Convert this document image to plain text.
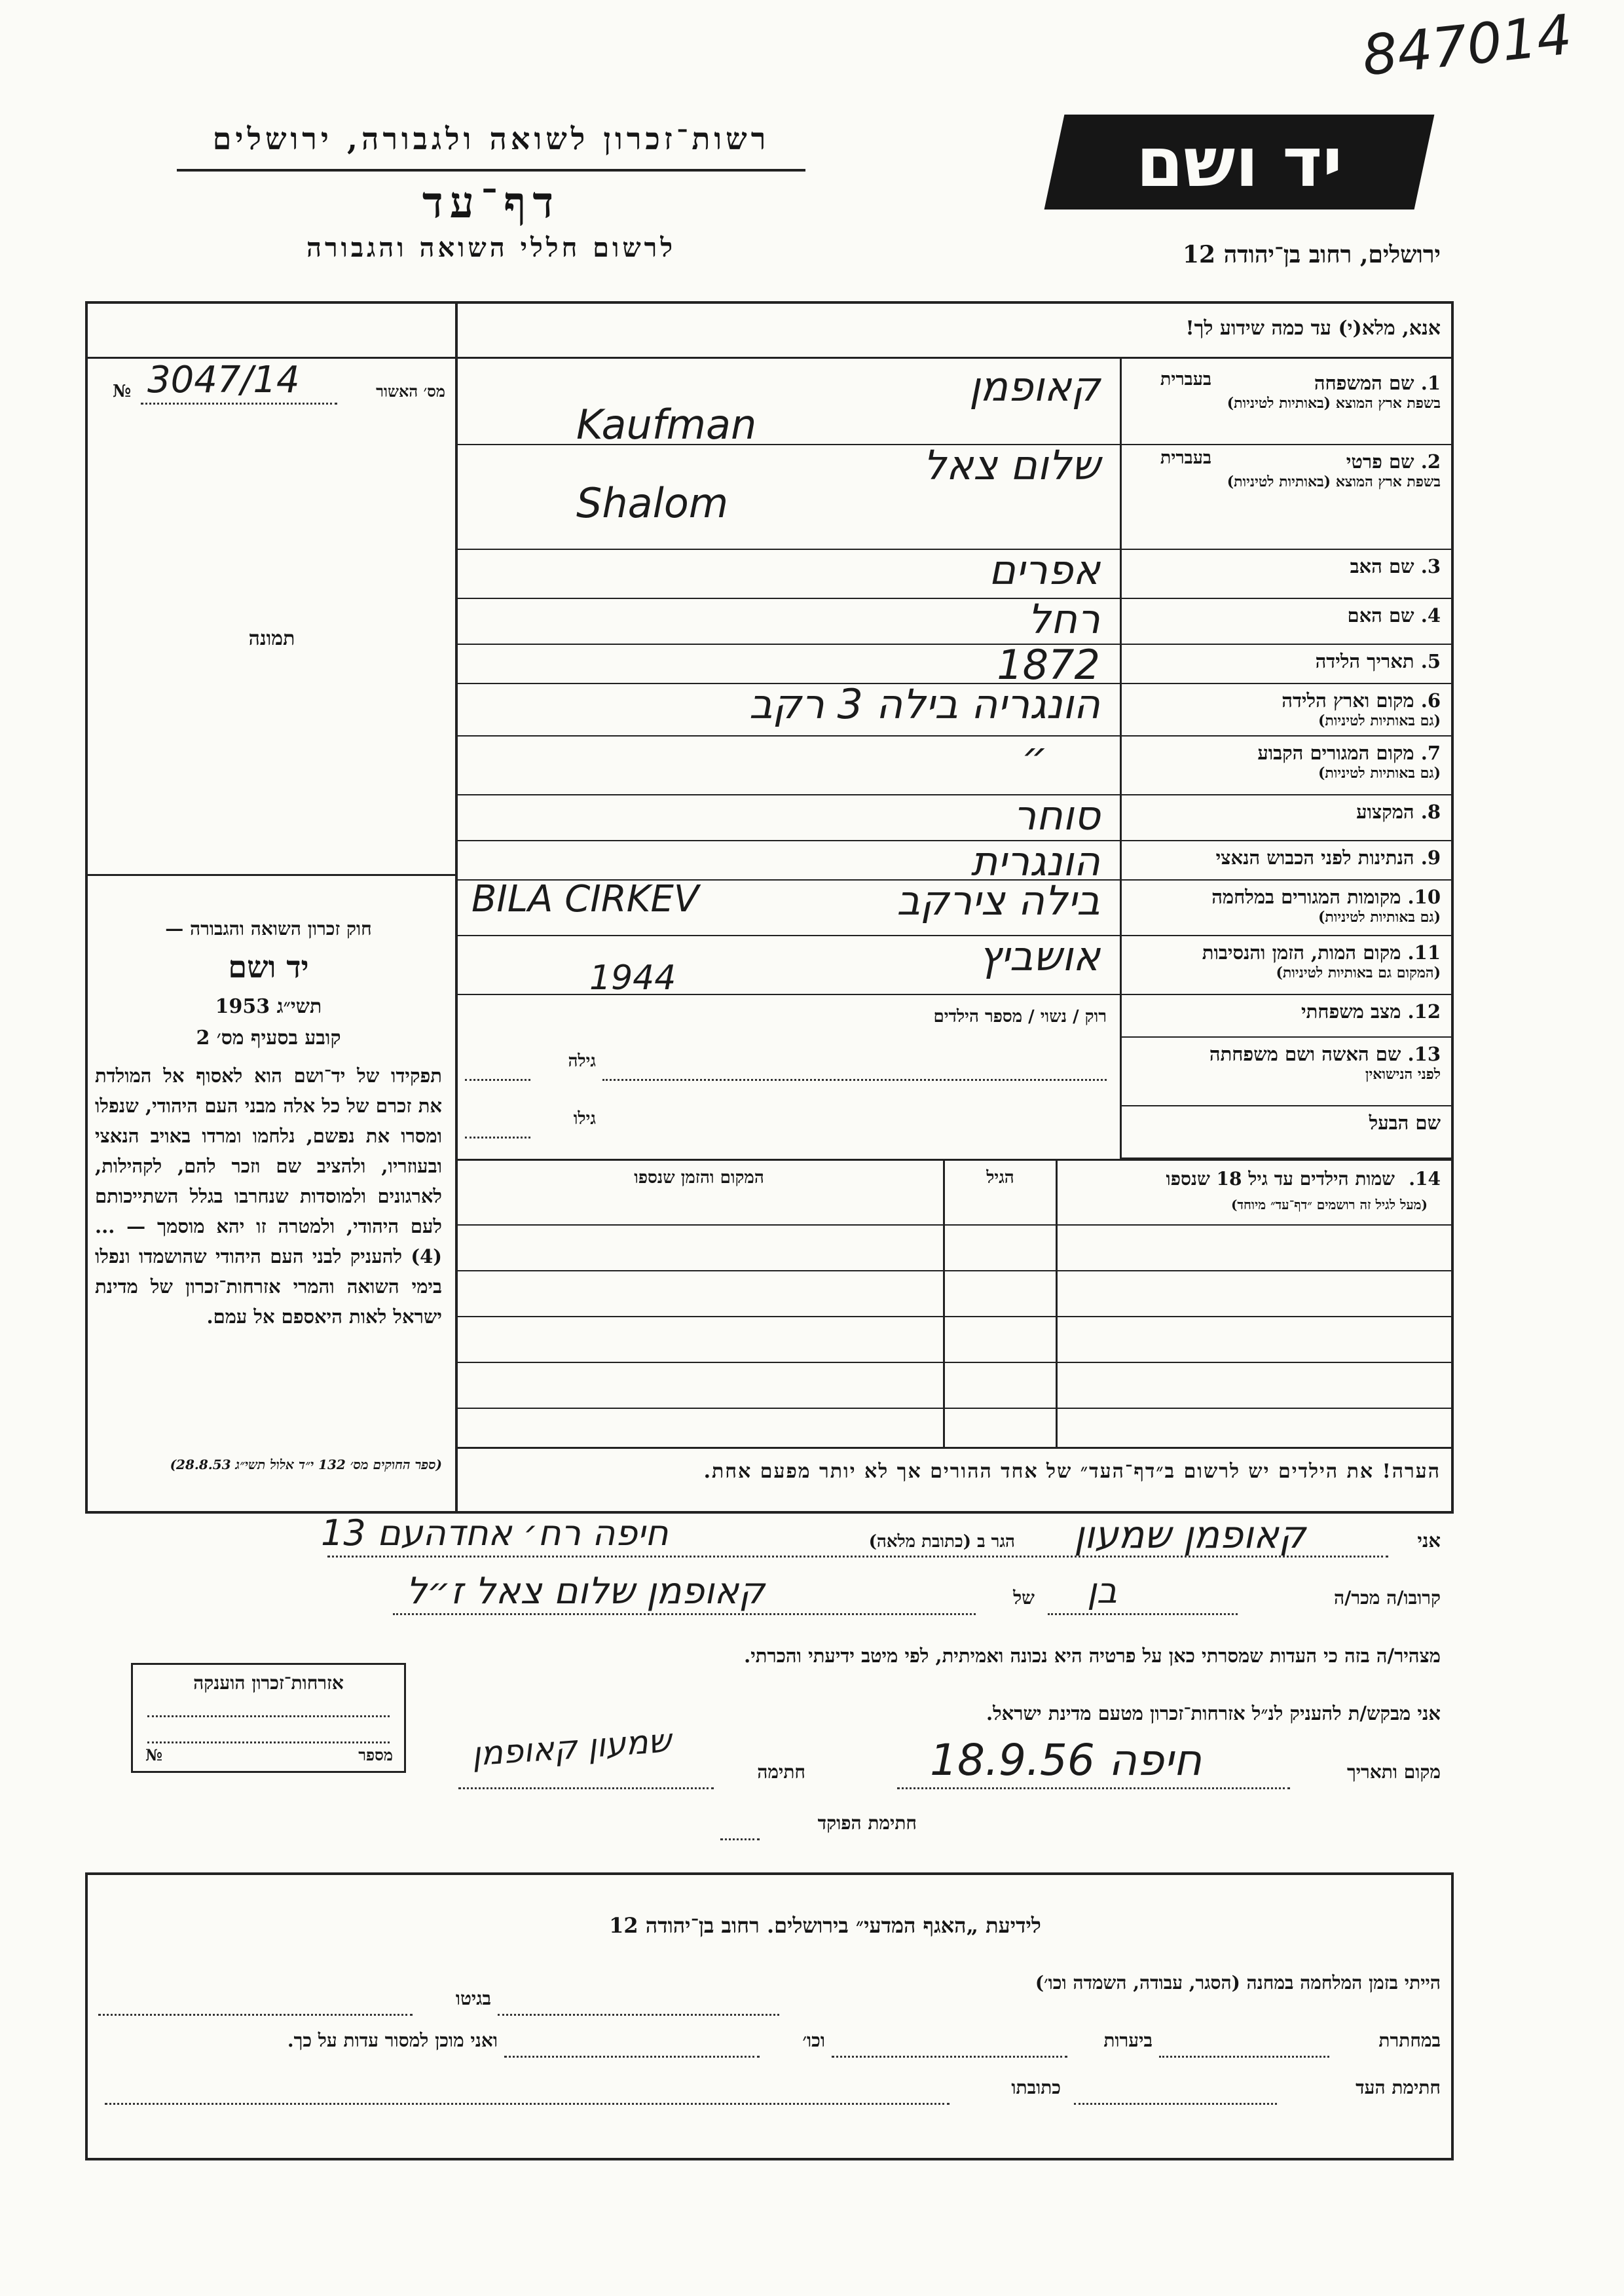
847014
רשות־זכרון לשואה ולגבורה, ירושלים
דף־עד
לרשום חללי השואה והגבורה
יד ושם
ירושלים, רחוב בן־יהודה 12
אנא, מלא(י) עד כמה שידוע לך!
מס׳ האשור
№ 3047/14
תמונה
1. שם המשפחה
בשפת ארץ המוצא (באותיות לטיניות)
בעברית
קאופמן
Kaufman
2. שם פרטי
בשפת ארץ המוצא (באותיות לטיניות)
בעברית
שלום צאל
Shalom
3. שם האב
אפרים
4. שם האם
רחל
5. תאריך הלידה
1872
6. מקום וארץ הלידה
(גם באותיות לטיניות)
הונגריה בילה 3 רקב
7. מקום המגורים הקבוע
(גם באותיות לטיניות)
״
8. המקצוע
סוחר
9. הנתינות לפני הכבוש הנאצי
הונגרית
10. מקומות המגורים במלחמה
(גם באותיות לטיניות)
בילה צירקב
BILA CIRKEV
11. מקום המות, הזמן והנסיבות
(המקום גם באותיות לטיניות)
אושביץ
1944
12. מצב משפחתי
13. שם האשה ושם משפחתה
לפני הנישואין
שם הבעל
רוק / נשוי / מספר הילדים
גילה
גילו
14.
שמות הילדים עד גיל 18 שנספו
(מעל לגיל זה רושמים ״דף־עד״ מיוחד)
הגיל
המקום והזמן שנספו
הערה! את הילדים יש לרשום ב״דף־העד״ של אחד ההורים אך לא יותר מפעם אחת.
חוק זכרון השואה והגבורה —
יד ושם
תשי״ג 1953
קובע בסעיף מס׳ 2
תפקידו של יד־ושם הוא לאסוף אל המולדת את זכרם של כל אלה מבני העם היהודי, שנפלו ומסרו את נפשם, נלחמו ומרדו באויב הנאצי ובעוזריו, ולהציב שם וזכר להם, לקהילות, לארגונים ולמוסדות שנחרבו בגלל השתייכותם לעם היהודי, ולמטרה זו יהא מוסמך — ... (4) להעניק לבני העם היהודי שהושמדו ונפלו בימי השואה והמרי אזרחות־זכרון של מדינת ישראל לאות היאספם אל עמם.
(ספר החוקים מס׳ 132 י״ד אלול תשי״ג 28.8.53)
אני
חיפה רח׳ אחדהעם 13	הגר ב (כתובת מלאה) קאופמן שמעון
קרובו/ה מכר/ה
בן
של
קאופמן שלום צאל ז״ל
מצהיר/ה בזה כי העדות שמסרתי כאן על פרטיה היא נכונה ואמיתית, לפי מיטב ידיעתי והכרתי.
אזרחות־זכרון הוענקה
№	מספר
אני מבקש/ת להעניק לנ״ל אזרחות־זכרון מטעם מדינת ישראל.
מקום ותאריך
חיפה 18.9.56
חתימה
שמעון קאופמן
חתימת הפוקד
לידיעת „האגף המדעי״ בירושלים. רחוב בן־יהודה 12
הייתי בזמן המלחמה במחנה (הסגר, עבודה, השמדה וכו׳)
בגיטו
במחתרת
ביערות
וכו׳
ואני מוכן למסור עדות על כך.
חתימת העד
כתובתו
